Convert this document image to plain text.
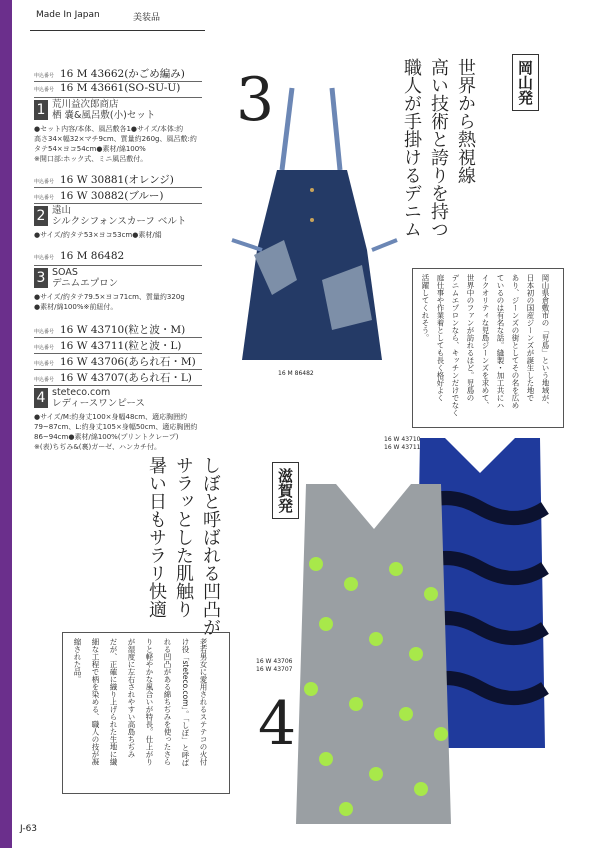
Made In Japan	美装品
申込番号 16 M 43662(かごめ編み)
申込番号 16 M 43661(SO-SU-U)
1 荒川益次郎商店
栖 嚢&風呂敷(小)セット
●セット内容/本体、風呂敷各1●サイズ/本体:約
高さ34×幅32×マチ9cm、質量約260g、風呂敷:約
タテ54×ヨコ54cm●素材/綿100%
※開口部:ホック式、ミニ風呂敷付。
申込番号 16 W 30881(オレンジ)
申込番号 16 W 30882(ブルー)
2 遠山
シルクシフォンスカーフ ベルト
●サイズ/約タテ53×ヨコ53cm●素材/絹
申込番号 16 M 86482
3 SOAS
デニムエプロン
●サイズ/約タテ79.5×ヨコ71cm、質量約320g
●素材/綿100%※前紐付。
申込番号 16 W 43710(粒と波・M)
申込番号 16 W 43711(粒と波・L)
申込番号 16 W 43706(あられ石・M)
申込番号 16 W 43707(あられ石・L)
4 steteco.com
レディースワンピース
●サイズ/M:約身丈100×身幅48cm、適応胸囲約
79~87cm、L:約身丈105×身幅50cm、適応胸囲約
86~94cm●素材/綿100%(プリントクレープ)
※(表)ちぢみ&(裏)ガーゼ、ハンカチ付。
3
16 M 86482
岡山発
世界から熱視線
高い技術と誇りを持つ
職人が手掛けるデニム
岡山県倉敷市の「児島」という地域が、
日本初の国産ジーンズが誕生した地で
あり、ジーンズの街としてその名を広め
ているのは有名な話。縫製・加工共にハ
イクオリティな児島ジーンズを求めて、
世界中のファンが訪れるほど。児島の
デニムエプロンなら、キッチンだけでなく
庭仕事や作業着としても長く格好よく
活躍してくれそう。
16 W 43710
16 W 43711
16 W 43706
16 W 43707
4
滋賀発
しぼと呼ばれる凹凸が
サラッとした肌触り
暑い日もサラリ快適
老若男女に愛用されるステテコの火付
け役「steteco.com」。「しぼ」と呼ば
れる凹凸がある綿ちぢみを使ったさら
りと軽やかな風合いが特長。仕上がり
が湿度に左右されやすい高島ちぢみ
だが、正確に織り上げられた生地に繊
細な工程で柄を染める、職人の技が凝
縮された品。
J-63
